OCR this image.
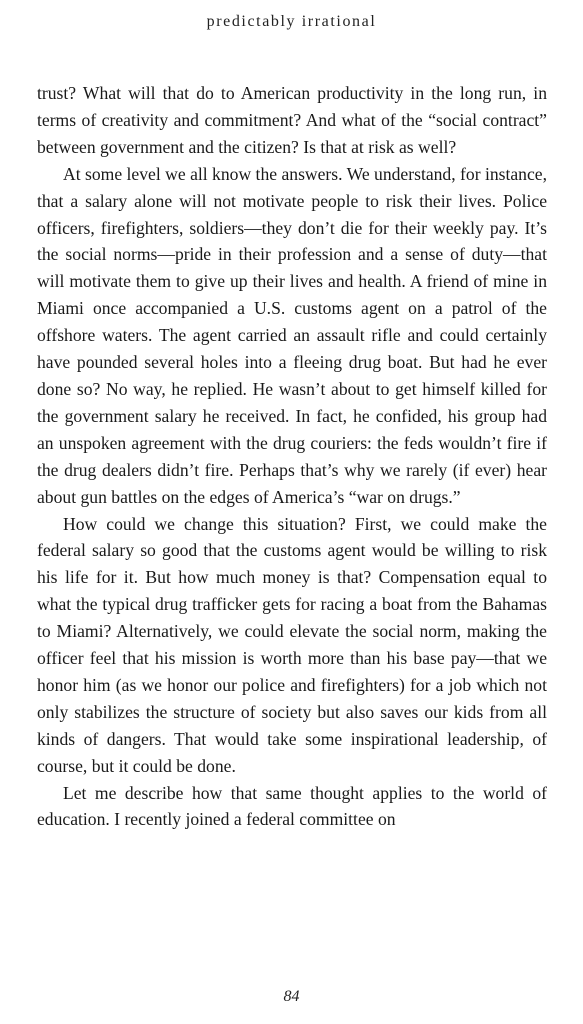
predictably irrational

trust? What will that do to American productivity in the long run, in terms of creativity and commitment? And what of the “social contract” between government and the citizen? Is that at risk as well?

At some level we all know the answers. We understand, for instance, that a salary alone will not motivate people to risk their lives. Police officers, firefighters, soldiers—they don’t die for their weekly pay. It’s the social norms—pride in their profession and a sense of duty—that will motivate them to give up their lives and health. A friend of mine in Miami once accompanied a U.S. customs agent on a patrol of the offshore waters. The agent carried an assault rifle and could certainly have pounded several holes into a fleeing drug boat. But had he ever done so? No way, he replied. He wasn’t about to get himself killed for the government salary he received. In fact, he confided, his group had an unspoken agreement with the drug couriers: the feds wouldn’t fire if the drug dealers didn’t fire. Perhaps that’s why we rarely (if ever) hear about gun battles on the edges of America’s “war on drugs.”

How could we change this situation? First, we could make the federal salary so good that the customs agent would be willing to risk his life for it. But how much money is that? Compensation equal to what the typical drug trafficker gets for racing a boat from the Bahamas to Miami? Alternatively, we could elevate the social norm, making the officer feel that his mission is worth more than his base pay—that we honor him (as we honor our police and firefighters) for a job which not only stabilizes the structure of society but also saves our kids from all kinds of dangers. That would take some inspirational leadership, of course, but it could be done.

Let me describe how that same thought applies to the world of education. I recently joined a federal committee on

84
